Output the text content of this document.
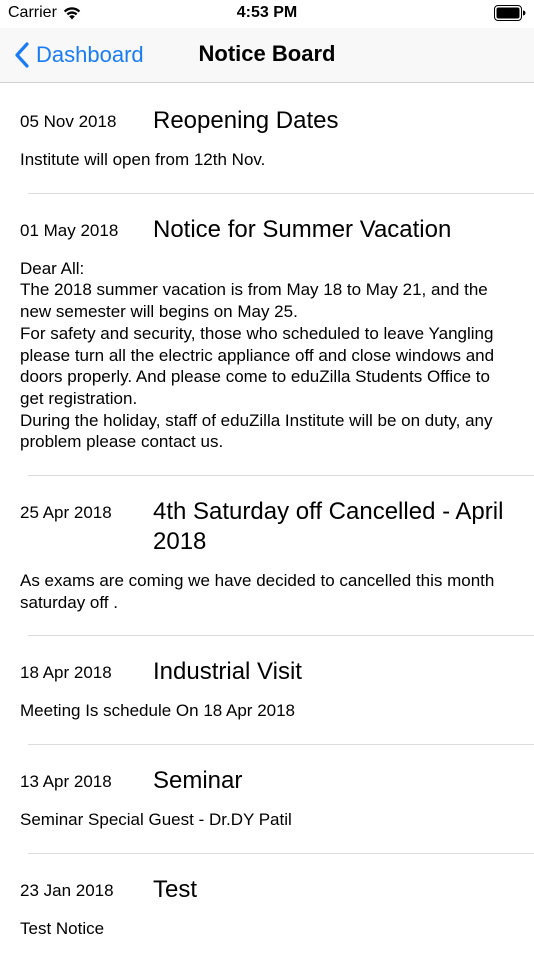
Carrier	4:53 PM
Dashboard	Notice Board
05 Nov 2018	Reopening Dates
Institute will open from 12th Nov.
01 May 2018	Notice for Summer Vacation
Dear All:
The 2018 summer vacation is from May 18 to May 21, and the new semester will begins on May 25.
For safety and security, those who scheduled to leave Yangling please turn all the electric appliance off and close windows and doors properly. And please come to eduZilla Students Office to get registration.
During the holiday, staff of eduZilla Institute will be on duty, any problem please contact us.
25 Apr 2018	4th Saturday off Cancelled - April 2018
As exams are coming we have decided to cancelled this month saturday off .
18 Apr 2018	Industrial Visit
Meeting Is schedule On 18 Apr 2018
13 Apr 2018	Seminar
Seminar Special Guest - Dr.DY Patil
23 Jan 2018	Test
Test Notice
